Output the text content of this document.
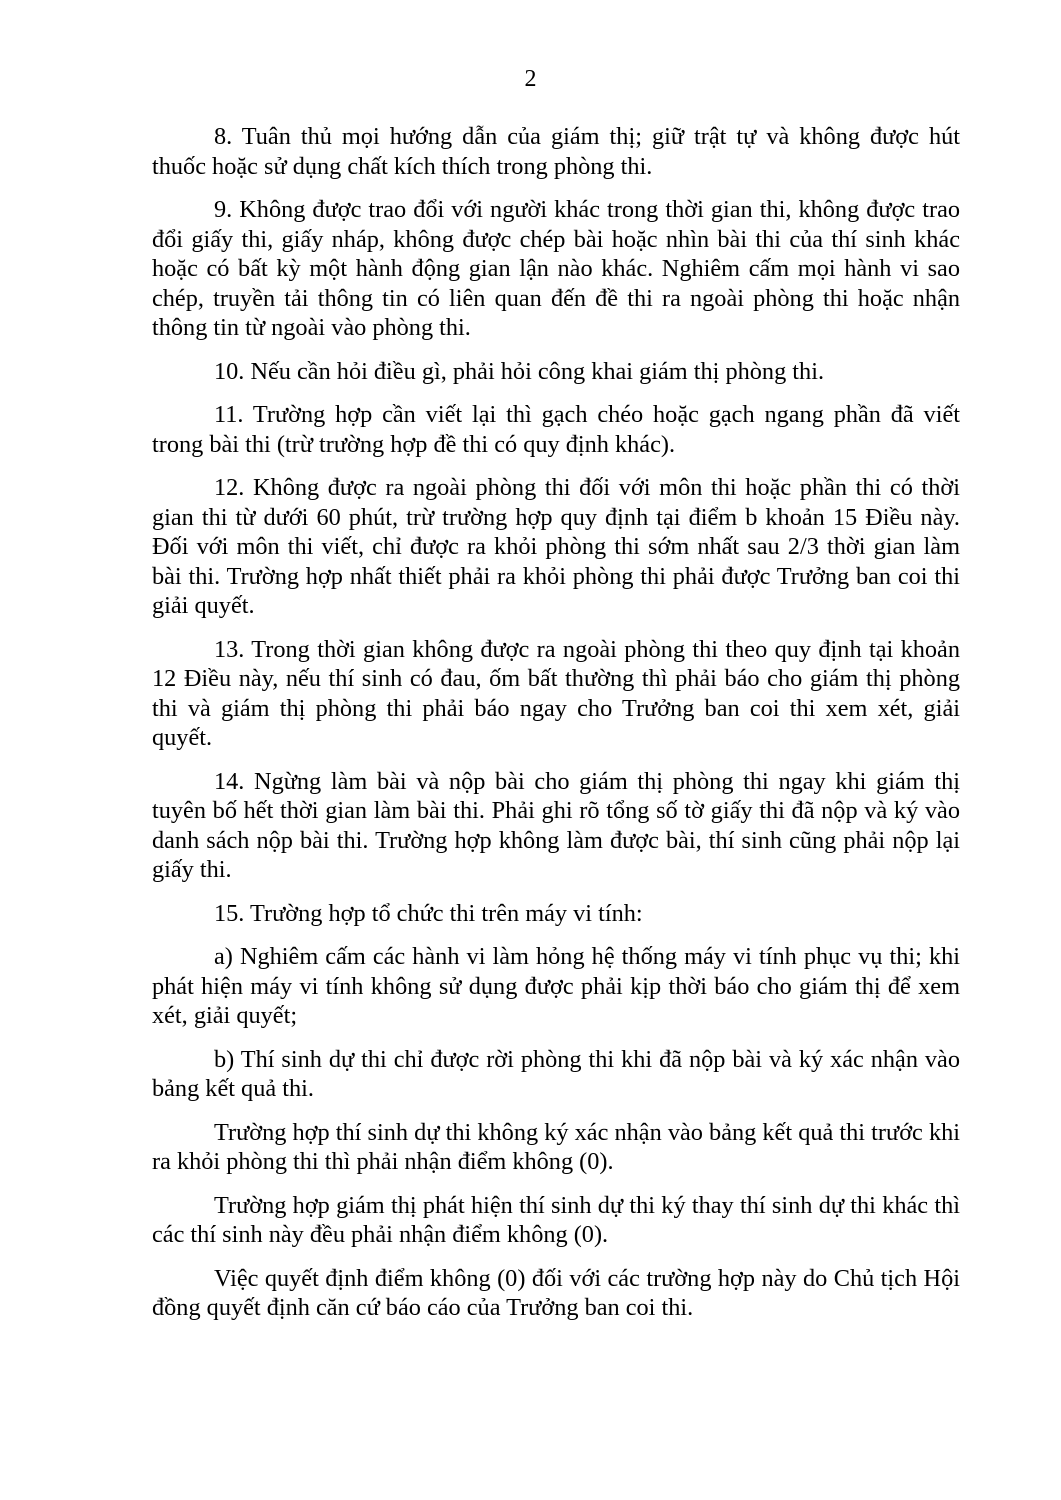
2

8. Tuân thủ mọi hướng dẫn của giám thị; giữ trật tự và không được hút thuốc hoặc sử dụng chất kích thích trong phòng thi.

9. Không được trao đổi với người khác trong thời gian thi, không được trao đổi giấy thi, giấy nháp, không được chép bài hoặc nhìn bài thi của thí sinh khác hoặc có bất kỳ một hành động gian lận nào khác. Nghiêm cấm mọi hành vi sao chép, truyền tải thông tin có liên quan đến đề thi ra ngoài phòng thi hoặc nhận thông tin từ ngoài vào phòng thi.

10. Nếu cần hỏi điều gì, phải hỏi công khai giám thị phòng thi.

11. Trường hợp cần viết lại thì gạch chéo hoặc gạch ngang phần đã viết trong bài thi (trừ trường hợp đề thi có quy định khác).

12. Không được ra ngoài phòng thi đối với môn thi hoặc phần thi có thời gian thi từ dưới 60 phút, trừ trường hợp quy định tại điểm b khoản 15 Điều này. Đối với môn thi viết, chỉ được ra khỏi phòng thi sớm nhất sau 2/3 thời gian làm bài thi. Trường hợp nhất thiết phải ra khỏi phòng thi phải được Trưởng ban coi thi giải quyết.

13. Trong thời gian không được ra ngoài phòng thi theo quy định tại khoản 12 Điều này, nếu thí sinh có đau, ốm bất thường thì phải báo cho giám thị phòng thi và giám thị phòng thi phải báo ngay cho Trưởng ban coi thi xem xét, giải quyết.

14. Ngừng làm bài và nộp bài cho giám thị phòng thi ngay khi giám thị tuyên bố hết thời gian làm bài thi. Phải ghi rõ tổng số tờ giấy thi đã nộp và ký vào danh sách nộp bài thi. Trường hợp không làm được bài, thí sinh cũng phải nộp lại giấy thi.

15. Trường hợp tổ chức thi trên máy vi tính:

a) Nghiêm cấm các hành vi làm hỏng hệ thống máy vi tính phục vụ thi; khi phát hiện máy vi tính không sử dụng được phải kịp thời báo cho giám thị để xem xét, giải quyết;

b) Thí sinh dự thi chỉ được rời phòng thi khi đã nộp bài và ký xác nhận vào bảng kết quả thi.

Trường hợp thí sinh dự thi không ký xác nhận vào bảng kết quả thi trước khi ra khỏi phòng thi thì phải nhận điểm không (0).

Trường hợp giám thị phát hiện thí sinh dự thi ký thay thí sinh dự thi khác thì các thí sinh này đều phải nhận điểm không (0).

Việc quyết định điểm không (0) đối với các trường hợp này do Chủ tịch Hội đồng quyết định căn cứ báo cáo của Trưởng ban coi thi.
